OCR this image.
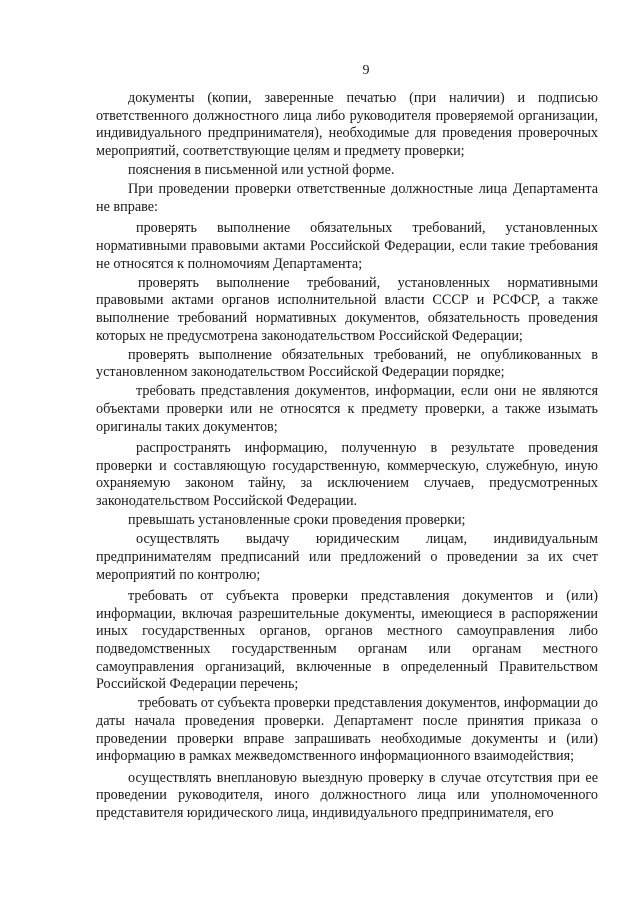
9

документы (копии, заверенные печатью (при наличии) и подписью ответственного должностного лица либо руководителя проверяемой организации, индивидуального предпринимателя), необходимые для проведения проверочных мероприятий, соответствующие целям и предмету проверки;

пояснения в письменной или устной форме.

При проведении проверки ответственные должностные лица Департамента не вправе:

проверять выполнение обязательных требований, установленных нормативными правовыми актами Российской Федерации, если такие требования не относятся к полномочиям Департамента;

проверять выполнение требований, установленных нормативными правовыми актами органов исполнительной власти СССР и РСФСР, а также выполнение требований нормативных документов, обязательность проведения которых не предусмотрена законодательством Российской Федерации;

проверять выполнение обязательных требований, не опубликованных в установленном законодательством Российской Федерации порядке;

требовать представления документов, информации, если они не являются объектами проверки или не относятся к предмету проверки, а также изымать оригиналы таких документов;

распространять информацию, полученную в результате проведения проверки и составляющую государственную, коммерческую, служебную, иную охраняемую законом тайну, за исключением случаев, предусмотренных законодательством Российской Федерации.

превышать установленные сроки проведения проверки;

осуществлять выдачу юридическим лицам, индивидуальным предпринимателям предписаний или предложений о проведении за их счет мероприятий по контролю;

требовать от субъекта проверки представления документов и (или) информации, включая разрешительные документы, имеющиеся в распоряжении иных государственных органов, органов местного самоуправления либо подведомственных государственным органам или органам местного самоуправления организаций, включенные в определенный Правительством Российской Федерации перечень;

требовать от субъекта проверки представления документов, информации до даты начала проведения проверки. Департамент после принятия приказа о проведении проверки вправе запрашивать необходимые документы и (или) информацию в рамках межведомственного информационного взаимодействия;

осуществлять внеплановую выездную проверку в случае отсутствия при ее проведении руководителя, иного должностного лица или уполномоченного представителя юридического лица, индивидуального предпринимателя, его
